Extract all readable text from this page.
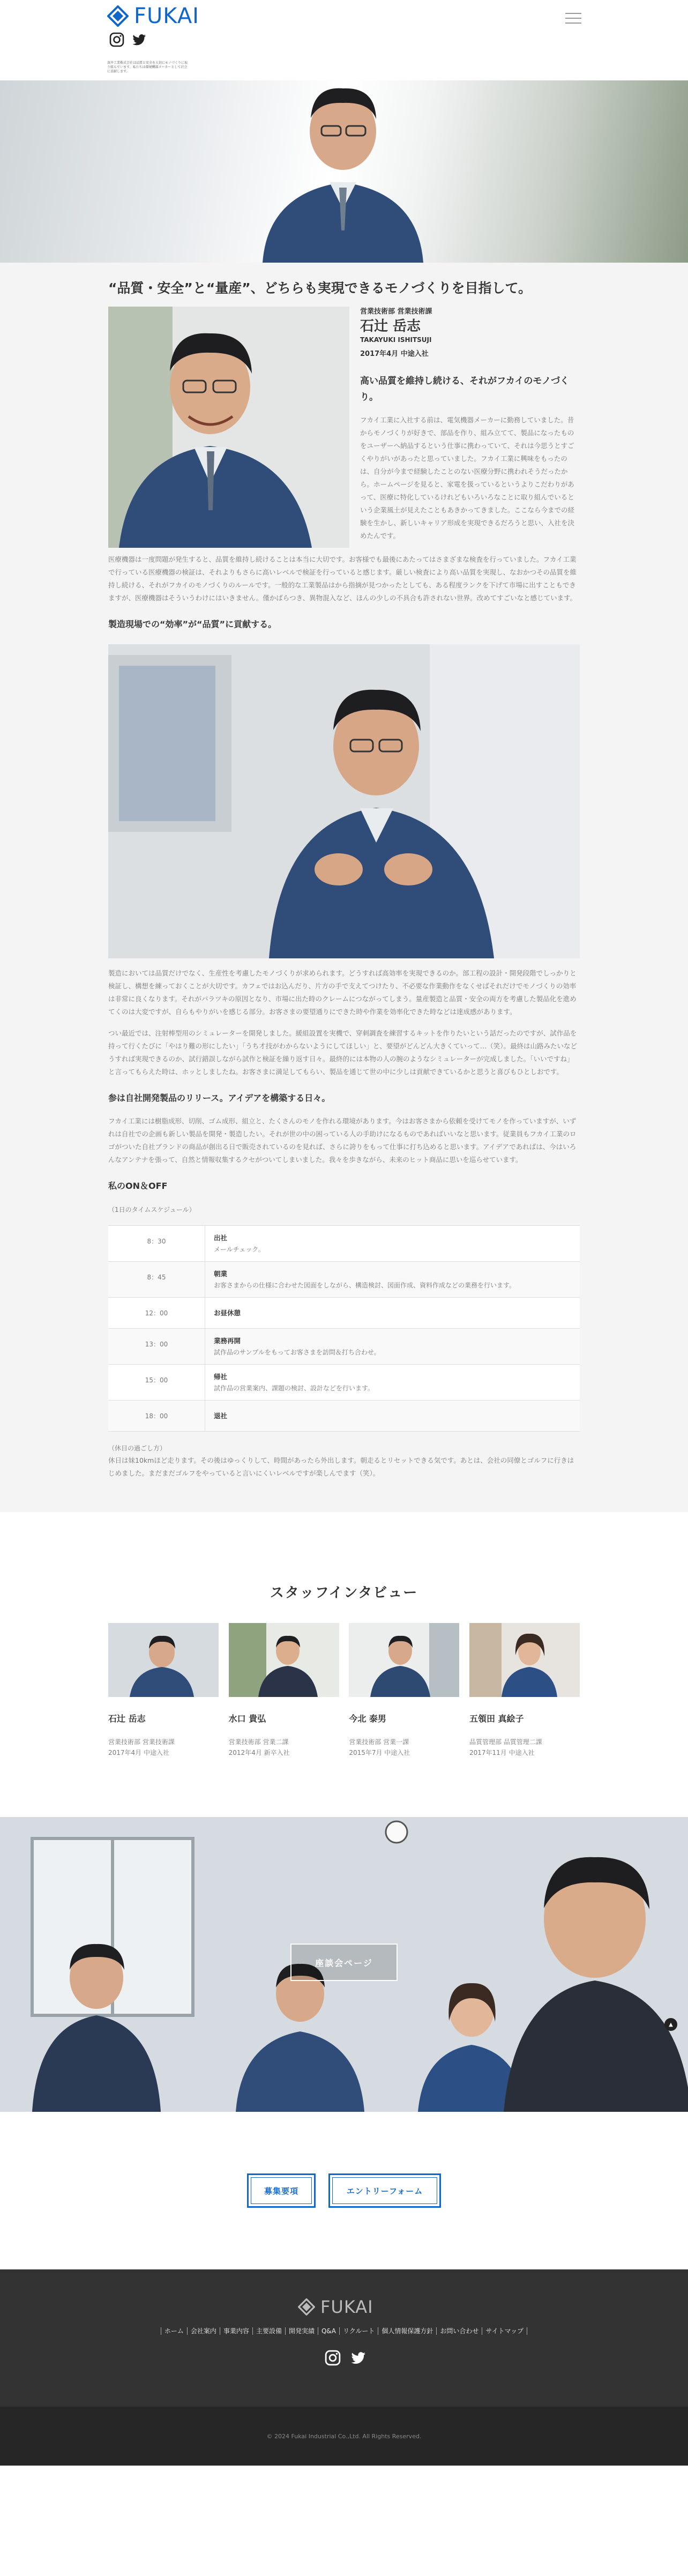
FUKAI

深井工業株式会社は品質と安全を大切にモノづくりに取り組んでいます。私たちは環境機器メーカーとして社会に貢献します。

“品質・安全”と“量産”、どちらも実現できるモノづくりを目指して。

営業技術部 営業技術課

石辻 岳志

TAKAYUKI ISHITSUJI

2017年4月 中途入社

高い品質を維持し続ける、それがフカイのモノづくり。

フカイ工業に入社する前は、電気機器メーカーに勤務していました。昔からモノづくりが好きで、部品を作り、組み立てて、製品になったものをユーザーへ納品するという仕事に携わっていて、それは今思うとすごくやりがいがあったと思っていました。フカイ工業に興味をもったのは、自分が今まで経験したことのない医療分野に携われそうだったから。ホームページを見ると、家電を扱っているというよりこだわりがあって、医療に特化しているけれどもいろいろなことに取り組んでいるという企業風土が見えたこともあきかってきました。ここなら今までの経験を生かし、新しいキャリア形成を実現できるだろうと思い、入社を決めたんです。

医療機器は一度問題が発生すると、品質を維持し続けることは本当に大切です。お客様でも最後にあたってはさまざまな検査を行っていました。フカイ工業で行っている医療機器の検証は、それよりもさらに高いレベルで検証を行っていると感じます。厳しい検査により高い品質を実現し、なおかつその品質を維持し続ける、それがフカイのモノづくりのルールです。一般的な工業製品はから指摘が見つかったとしても、ある程度ランクを下げて市場に出すこともできますが、医療機器はそういうわけにはいきません。僅かばらつき、異物混入など、ほんの少しの不具合も許されない世界。改めてすごいなと感じています。

製造現場での“効率”が“品質”に貢献する。

製造においては品質だけでなく、生産性を考慮したモノづくりが求められます。どうすれば高効率を実現できるのか。部工程の設計・開発段階でしっかりと検証し、構想を練っておくことが大切です。カフェではお込んだり、片方の手で支えてつけたり、不必要な作業動作をなくせばそれだけでモノづくりの効率は非常に良くなります。それがパラツキの原因となり、市場に出た時のクレームにつながってしまう。量産製造と品質・安全の両方を考慮した製品化を進めてくのは大変ですが、自らもやりがいを感じる部分。お客さまの要望通りにできた時や作業を効率化できた時などは達成感があります。

つい最近では、注射棒型用のシミュレーターを開発しました。緩組設置を実機で、穿刺調査を練習するキットを作りたいという話だったのですが、試作品を持って行くたびに「やはり難の形にしたい」「うち才技がわからないようにしてほしい」と、要望がどんどん大きくていって…（笑）。最終は山路みたいなどうすれば実現できるのか、試行錯誤しながら試作と検証を繰り返す日々。最終的には本物の人の腕のようなシミュレーターが完成しました。「いいですね」と言ってもらえた時は、ホッとしましたね。お客さまに満足してもらい、製品を通じて世の中に少しは貢献できているかと思うと喜びもひとしおです。

参は自社開発製品のリリース。アイデアを構築する日々。

フカイ工業には樹脂成形、切削、ゴム成形、組立と、たくさんのモノを作れる環境があります。今はお客さまから依頼を受けてモノを作っていますが、いずれは自社での企画も新しい製品を開発・製造したい。それが世の中の困っている人の手助けになるものであればいいなと思います。従業員もフカイ工業のロゴがついた自社ブランドの商品が創出る日で販売されているのを見れば、さらに誇りをもって仕事に打ち込めると思います。アイデアであればは、今はいろんなアンテナを張って、自然と情報収集するクセがついてしまいました。我々を歩きながら、未来のヒット商品に思いを巡らせています。

私のON＆OFF

（1日のタイムスケジュール）

8：30	出社

メールチェック。

8：45	朝業

お客さまからの仕様に合わせた図面をしながら、構造検討、図面作成、資料作成などの業務を行います。

12：00	お昼休憩

13：00	業務再開

試作品のサンプルをもってお客さまを訪問＆打ち合わせ。

15：00	帰社

試作品の営業案内、課題の検討、設計などを行います。

18：00	退社

（休日の過ごし方）

休日は妹10kmほど走ります。その後はゆっくりして、時間があったら外出します。朝走るとリセットできる気です。あとは、会社の同僚とゴルフに行きはじめました。まだまだゴルフをやっていると言いにくいレベルですが楽しんでます（笑）。

スタッフインタビュー

石辻 岳志

営業技術部 営業技術課

2017年4月 中途入社

水口 貴弘

営業技術部 営業二課

2012年4月 新卒入社

今北 泰男

営業技術部 営業一課

2015年7月 中途入社

五領田 真絵子

品質管理部 品質管理二課

2017年11月 中途入社

座談会ページ
▲
募集要項	エントリーフォーム
FUKAI
ホーム 会社案内 事業内容 主要設備 開発実績 Q&A リクルート 個人情報保護方針 お問い合わせ サイトマップ
© 2024 Fukai Industrial Co.,Ltd. All Rights Reserved.
